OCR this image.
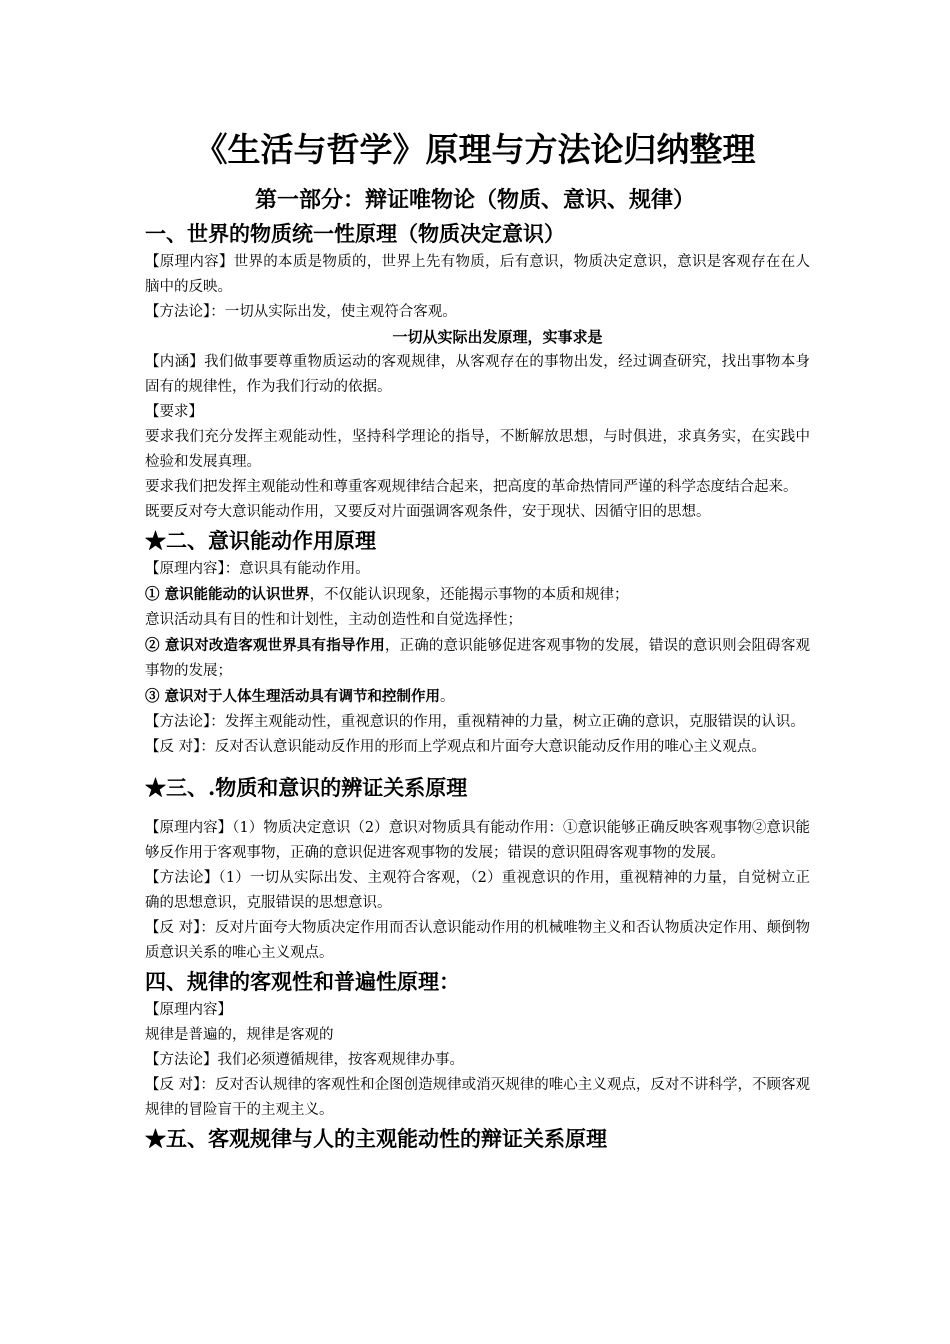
《生活与哲学》原理与方法论归纳整理
第一部分：辩证唯物论（物质、意识、规律）
一、世界的物质统一性原理（物质决定意识）

【原理内容】世界的本质是物质的，世界上先有物质，后有意识，物质决定意识，意识是客观存在在人脑中的反映。

【方法论】：一切从实际出发，使主观符合客观。

一切从实际出发原理，实事求是

【内涵】我们做事要尊重物质运动的客观规律，从客观存在的事物出发，经过调查研究，找出事物本身固有的规律性，作为我们行动的依据。

【要求】

要求我们充分发挥主观能动性，坚持科学理论的指导，不断解放思想，与时俱进，求真务实，在实践中检验和发展真理。

要求我们把发挥主观能动性和尊重客观规律结合起来，把高度的革命热情同严谨的科学态度结合起来。

既要反对夸大意识能动作用，又要反对片面强调客观条件，安于现状、因循守旧的思想。

★二、意识能动作用原理

【原理内容】：意识具有能动作用。

① 意识能能动的认识世界，不仅能认识现象，还能揭示事物的本质和规律；

意识活动具有目的性和计划性，主动创造性和自觉选择性；

② 意识对改造客观世界具有指导作用，正确的意识能够促进客观事物的发展，错误的意识则会阻碍客观事物的发展；

③ 意识对于人体生理活动具有调节和控制作用。

【方法论】：发挥主观能动性，重视意识的作用，重视精神的力量，树立正确的意识，克服错误的认识。

【反 对】：反对否认意识能动反作用的形而上学观点和片面夸大意识能动反作用的唯心主义观点。

★三、.物质和意识的辨证关系原理

【原理内容】（1）物质决定意识（2）意识对物质具有能动作用：①意识能够正确反映客观事物②意识能够反作用于客观事物，正确的意识促进客观事物的发展；错误的意识阻碍客观事物的发展。

【方法论】（1）一切从实际出发、主观符合客观，（2）重视意识的作用，重视精神的力量，自觉树立正确的思想意识，克服错误的思想意识。

【反 对】：反对片面夸大物质决定作用而否认意识能动作用的机械唯物主义和否认物质决定作用、颠倒物质意识关系的唯心主义观点。

四、规律的客观性和普遍性原理：

【原理内容】

规律是普遍的，规律是客观的

【方法论】我们必须遵循规律，按客观规律办事。

【反 对】：反对否认规律的客观性和企图创造规律或消灭规律的唯心主义观点，反对不讲科学，不顾客观规律的冒险盲干的主观主义。

★五、客观规律与人的主观能动性的辩证关系原理
